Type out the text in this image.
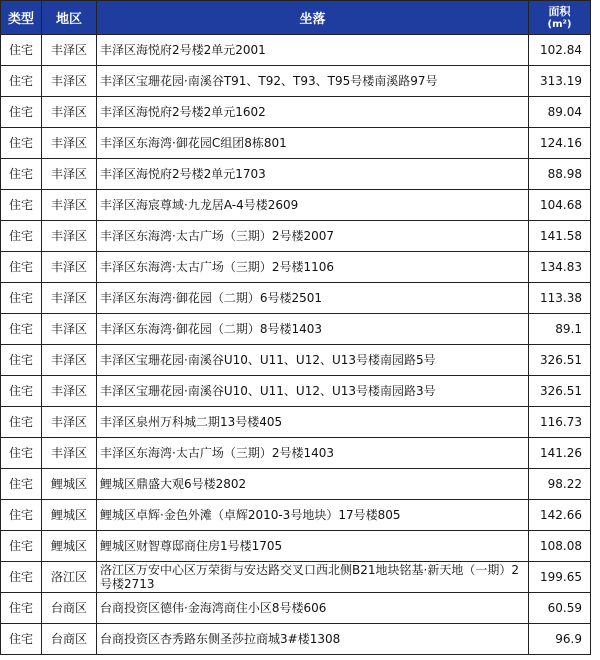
类型	地区	坐落	面积
(m²)

住宅	丰泽区	丰泽区海悦府2号楼2单元2001	102.84
住宅	丰泽区	丰泽区宝珊花园·南溪谷T91、T92、T93、T95号楼南溪路97号	313.19
住宅	丰泽区	丰泽区海悦府2号楼2单元1602	89.04
住宅	丰泽区	丰泽区东海湾·御花园C组团8栋801	124.16
住宅	丰泽区	丰泽区海悦府2号楼2单元1703	88.98
住宅	丰泽区	丰泽区海宸尊域·九龙居A-4号楼2609	104.68
住宅	丰泽区	丰泽区东海湾·太古广场（三期）2号楼2007	141.58
住宅	丰泽区	丰泽区东海湾·太古广场（三期）2号楼1106	134.83
住宅	丰泽区	丰泽区东海湾·御花园（二期）6号楼2501	113.38
住宅	丰泽区	丰泽区东海湾·御花园（二期）8号楼1403	89.1
住宅	丰泽区	丰泽区宝珊花园·南溪谷U10、U11、U12、U13号楼南园路5号	326.51
住宅	丰泽区	丰泽区宝珊花园·南溪谷U10、U11、U12、U13号楼南园路3号	326.51
住宅	丰泽区	丰泽区泉州万科城二期13号楼405	116.73
住宅	丰泽区	丰泽区东海湾·太古广场（三期）2号楼1403	141.26
住宅	鲤城区	鲤城区鼎盛大观6号楼2802	98.22
住宅	鲤城区	鲤城区卓辉·金色外滩（卓辉2010-3号地块）17号楼805	142.66
住宅	鲤城区	鲤城区财智尊邸商住房1号楼1705	108.08
住宅	洛江区	洛江区万安中心区万荣街与安达路交叉口西北侧B21地块铭基·新天地（一期）2号楼2713	199.65
住宅	台商区	台商投资区德伟·金海湾商住小区8号楼606	60.59
住宅	台商区	台商投资区杏秀路东侧圣莎拉商城3#楼1308	96.9
